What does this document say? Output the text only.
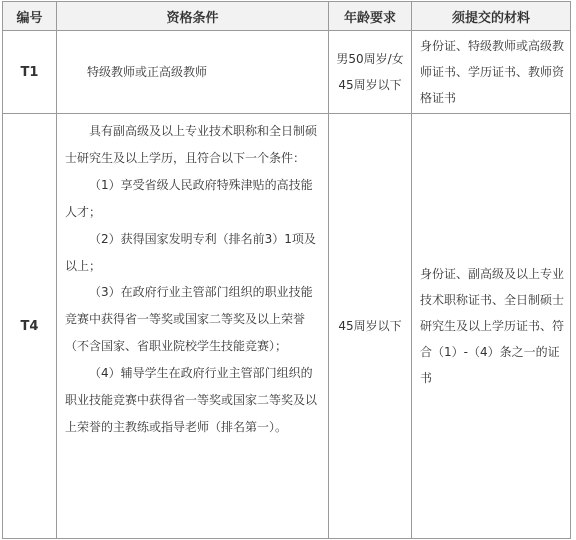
编号	资格条件	年龄要求	须提交的材料
T1	特级教师或正高级教师	男50周岁/女45周岁以下	身份证、特级教师或高级教师证书、学历证书、教师资格证书
T4	具有副高级及以上专业技术职称和全日制硕士研究生及以上学历，且符合以下一个条件：

（1）享受省级人民政府特殊津贴的高技能人才；

（2）获得国家发明专利（排名前3）1项及以上；

（3）在政府行业主管部门组织的职业技能竞赛中获得省一等奖或国家二等奖及以上荣誉（不含国家、省职业院校学生技能竞赛）；

（4）辅导学生在政府行业主管部门组织的职业技能竞赛中获得省一等奖或国家二等奖及以上荣誉的主教练或指导老师（排名第一）。	45周岁以下	身份证、副高级及以上专业技术职称证书、全日制硕士研究生及以上学历证书、符合（1）-（4）条之一的证书
